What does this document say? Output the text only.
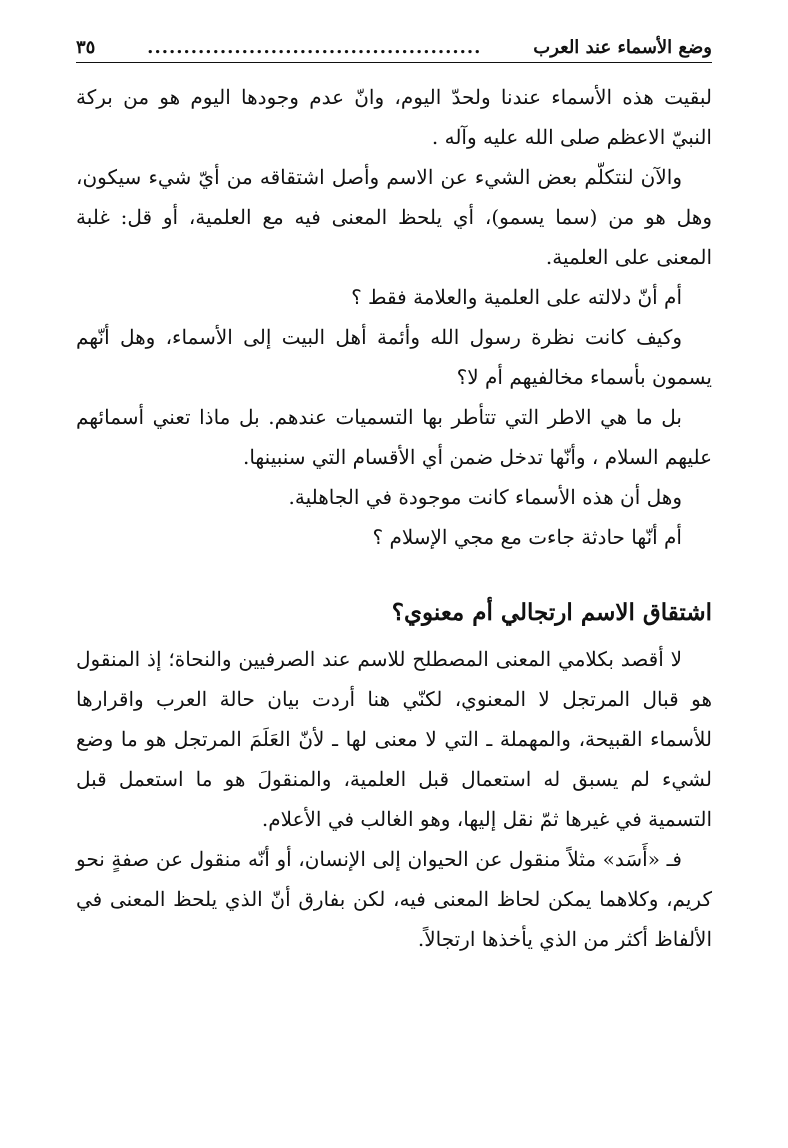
وضع الأسماء عند العرب
..............................................
٣٥

لبقيت هذه الأسماء عندنا ولحدّ اليوم، وانّ عدم وجودها اليوم هو من بركة النبيّ الاعظم صلى الله عليه وآله .

والآن لنتكلّم بعض الشيء عن الاسم وأصل اشتقاقه من أيّ شيء سيكون، وهل هو من (سما يسمو)، أي يلحظ المعنى فيه مع العلمية، أو قل: غلبة المعنى على العلمية.

أم أنّ دلالته على العلمية والعلامة فقط ؟

وكيف كانت نظرة رسول الله وأئمة أهل البيت إلى الأسماء، وهل أنّهم يسمون بأسماء مخالفيهم أم لا؟

بل ما هي الاطر التي تتأطر بها التسميات عندهم. بل ماذا تعني أسمائهم عليهم السلام ، وأنّها تدخل ضمن أي الأقسام التي سنبينها.

وهل أن هذه الأسماء كانت موجودة في الجاهلية.

أم أنّها حادثة جاءت مع مجي الإسلام ؟

اشتقاق الاسم ارتجالي أم معنوي؟

لا أقصد بكلامي المعنى المصطلح للاسم عند الصرفيين والنحاة؛ إذ المنقول هو قبال المرتجل لا المعنوي، لكنّي هنا أردت بيان حالة العرب واقرارها للأسماء القبيحة، والمهملة ـ التي لا معنى لها ـ لأنّ العَلَمَ المرتجل هو ما وضع لشيء لم يسبق له استعمال قبل العلمية، والمنقولَ هو ما استعمل قبل التسمية في غيرها ثمّ نقل إليها، وهو الغالب في الأعلام.

فـ «أَسَد» مثلاً منقول عن الحيوان إلى الإنسان، أو أنّه منقول عن صفةٍ نحو كريم، وكلاهما يمكن لحاظ المعنى فيه، لكن بفارق أنّ الذي يلحظ المعنى في الألفاظ أكثر من الذي يأخذها ارتجالاً.
